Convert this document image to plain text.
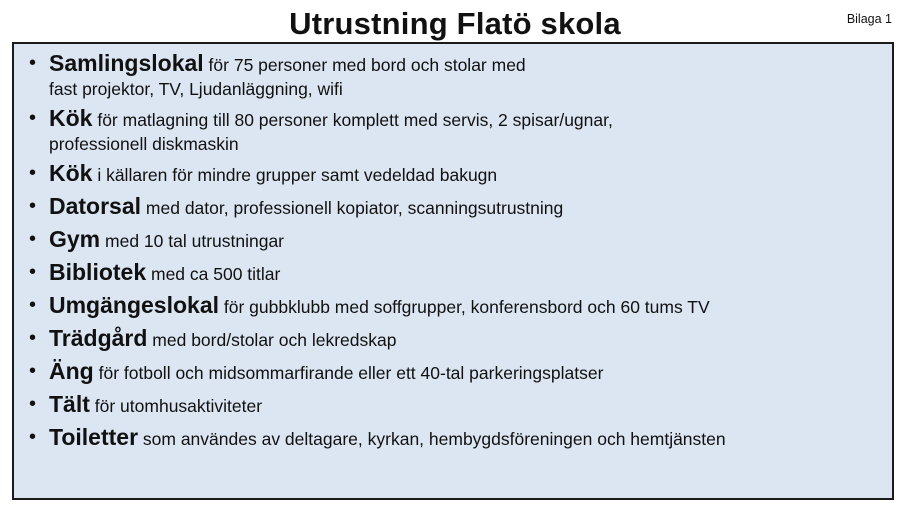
Utrustning Flatö skola	Bilaga 1
• Samlingslokal för 75 personer med bord och stolar med
fast projektor, TV, Ljudanläggning, wifi
• Kök för matlagning till 80 personer komplett med servis, 2 spisar/ugnar,
professionell diskmaskin
• Kök i källaren för mindre grupper samt vedeldad bakugn
• Datorsal med dator, professionell kopiator, scanningsutrustning
• Gym med 10 tal utrustningar
• Bibliotek med ca 500 titlar
• Umgängeslokal för gubbklubb med soffgrupper, konferensbord och 60 tums TV
• Trädgård med bord/stolar och lekredskap
• Äng för fotboll och midsommarfirande eller ett 40-tal parkeringsplatser
• Tält för utomhusaktiviteter
• Toiletter som användes av deltagare, kyrkan, hembygdsföreningen och hemtjänsten
